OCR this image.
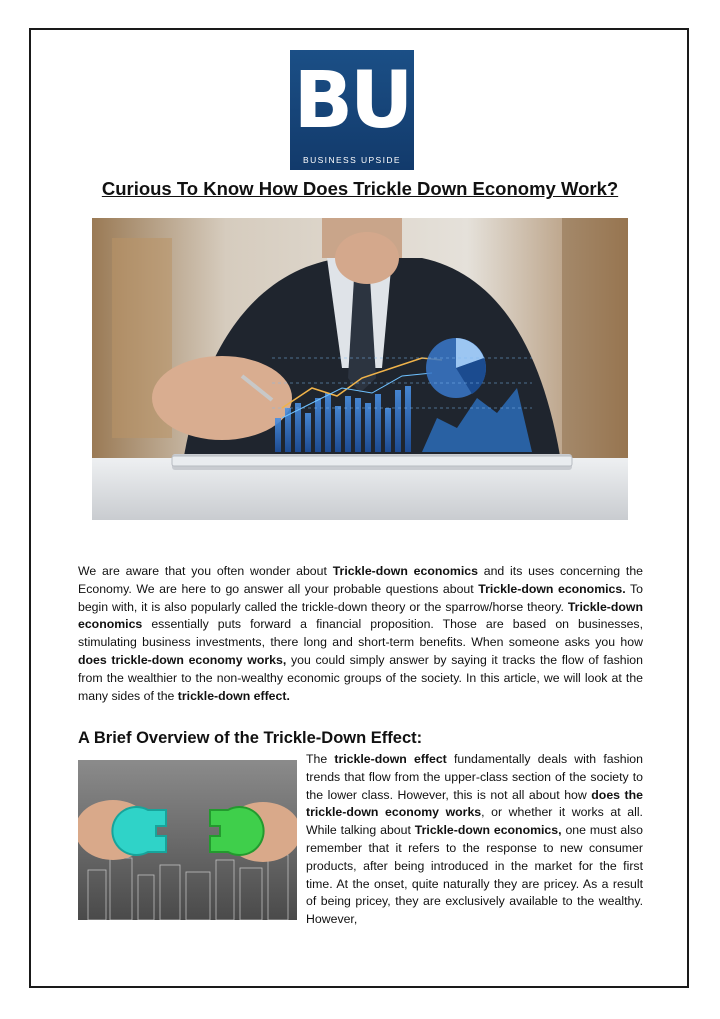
BU
BUSINESS UPSIDE
Curious To Know How Does Trickle Down Economy Work?

We are aware that you often wonder about Trickle-down economics and its uses concerning the Economy. We are here to go answer all your probable questions about Trickle-down economics. To begin with, it is also popularly called the trickle-down theory or the sparrow/horse theory. Trickle-down economics essentially puts forward a financial proposition. Those are based on businesses, stimulating business investments, there long and short-term benefits. When someone asks you how does trickle-down economy works, you could simply answer by saying it tracks the flow of fashion from the wealthier to the non-wealthy economic groups of the society. In this article, we will look at the many sides of the trickle-down effect.

A Brief Overview of the Trickle-Down Effect:

The trickle-down effect fundamentally deals with fashion trends that flow from the upper-class section of the society to the lower class. However, this is not all about how does the trickle-down economy works, or whether it works at all. While talking about Trickle-down economics, one must also remember that it refers to the response to new consumer products, after being introduced in the market for the first time. At the onset, quite naturally they are pricey. As a result of being pricey, they are exclusively available to the wealthy. However,
